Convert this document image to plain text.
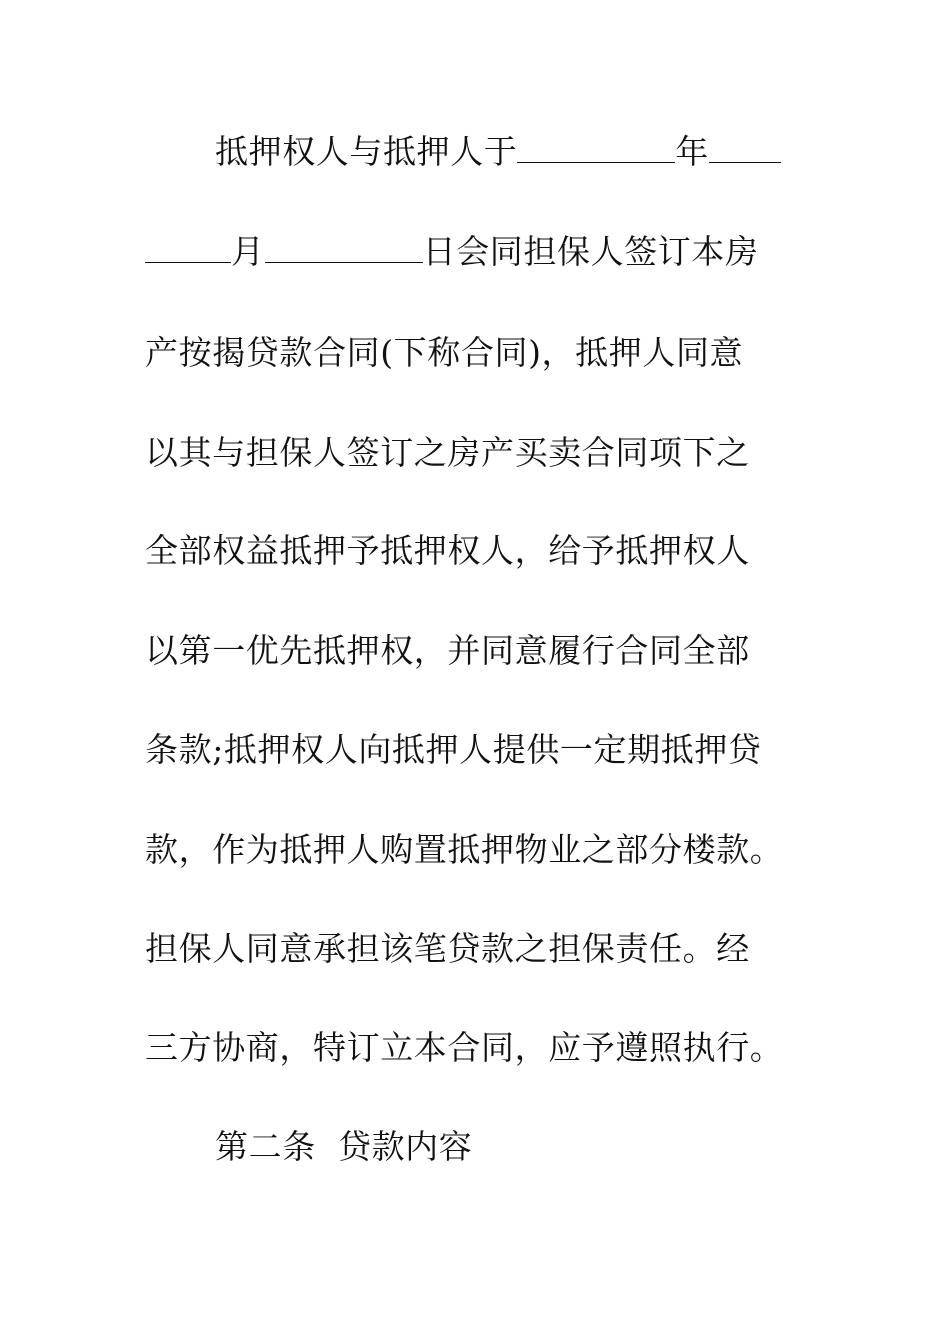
抵押权人与抵押人于	年
月	日会同担保人签订本房
产按揭贷款合同(下称合同)，抵押人同意
以其与担保人签订之房产买卖合同项下之
全部权益抵押予抵押权人，给予抵押权人
以第一优先抵押权，并同意履行合同全部
条款;抵押权人向抵押人提供一定期抵押贷
款，作为抵押人购置抵押物业之部分楼款。
担保人同意承担该笔贷款之担保责任。经
三方协商，特订立本合同，应予遵照执行。
第二条  贷款内容
